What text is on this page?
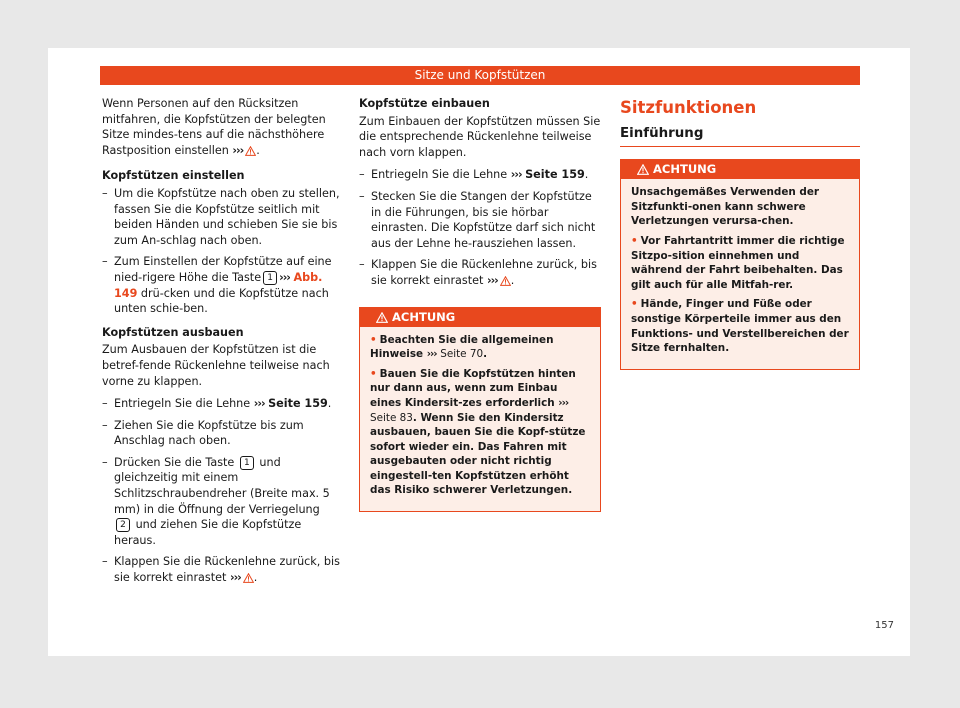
Sitze und Kopfstützen

Wenn Personen auf den Rücksitzen mitfahren, die Kopfstützen der belegten Sitze mindes-tens auf die nächsthöhere Rastposition einstellen ››› .

Kopfstützen einstellen
– Um die Kopfstütze nach oben zu stellen, fassen Sie die Kopfstütze seitlich mit beiden Händen und schieben Sie sie bis zum An-schlag nach oben.
– Zum Einstellen der Kopfstütze auf eine nied-rigere Höhe die Taste 1 ››› Abb. 149 drü-cken und die Kopfstütze nach unten schie-ben.
Kopfstützen ausbauen

Zum Ausbauen der Kopfstützen ist die betref-fende Rückenlehne teilweise nach vorne zu klappen.

– Entriegeln Sie die Lehne ››› Seite 159.
– Ziehen Sie die Kopfstütze bis zum Anschlag nach oben.
– Drücken Sie die Taste 1 und gleichzeitig mit einem Schlitzschraubendreher (Breite max. 5 mm) in die Öffnung der Verriegelung 2 und ziehen Sie die Kopfstütze heraus.
– Klappen Sie die Rückenlehne zurück, bis sie korrekt einrastet ››› .
Kopfstütze einbauen

Zum Einbauen der Kopfstützen müssen Sie die entsprechende Rückenlehne teilweise nach vorn klappen.

– Entriegeln Sie die Lehne ››› Seite 159.
– Stecken Sie die Stangen der Kopfstütze in die Führungen, bis sie hörbar einrasten. Die Kopfstütze darf sich nicht aus der Lehne he-rausziehen lassen.
– Klappen Sie die Rückenlehne zurück, bis sie korrekt einrastet ››› .
ACHTUNG
• Beachten Sie die allgemeinen Hinweise ››› Seite 70.
• Bauen Sie die Kopfstützen hinten nur dann aus, wenn zum Einbau eines Kindersit-zes erforderlich ››› Seite 83. Wenn Sie den Kindersitz ausbauen, bauen Sie die Kopf-stütze sofort wieder ein. Das Fahren mit ausgebauten oder nicht richtig eingestell-ten Kopfstützen erhöht das Risiko schwerer Verletzungen.
Sitzfunktionen
Einführung
ACHTUNG
Unsachgemäßes Verwenden der Sitzfunkti-onen kann schwere Verletzungen verursa-chen.
• Vor Fahrtantritt immer die richtige Sitzpo-sition einnehmen und während der Fahrt beibehalten. Das gilt auch für alle Mitfah-rer.
• Hände, Finger und Füße oder sonstige Körperteile immer aus den Funktions- und Verstellbereichen der Sitze fernhalten.
157
